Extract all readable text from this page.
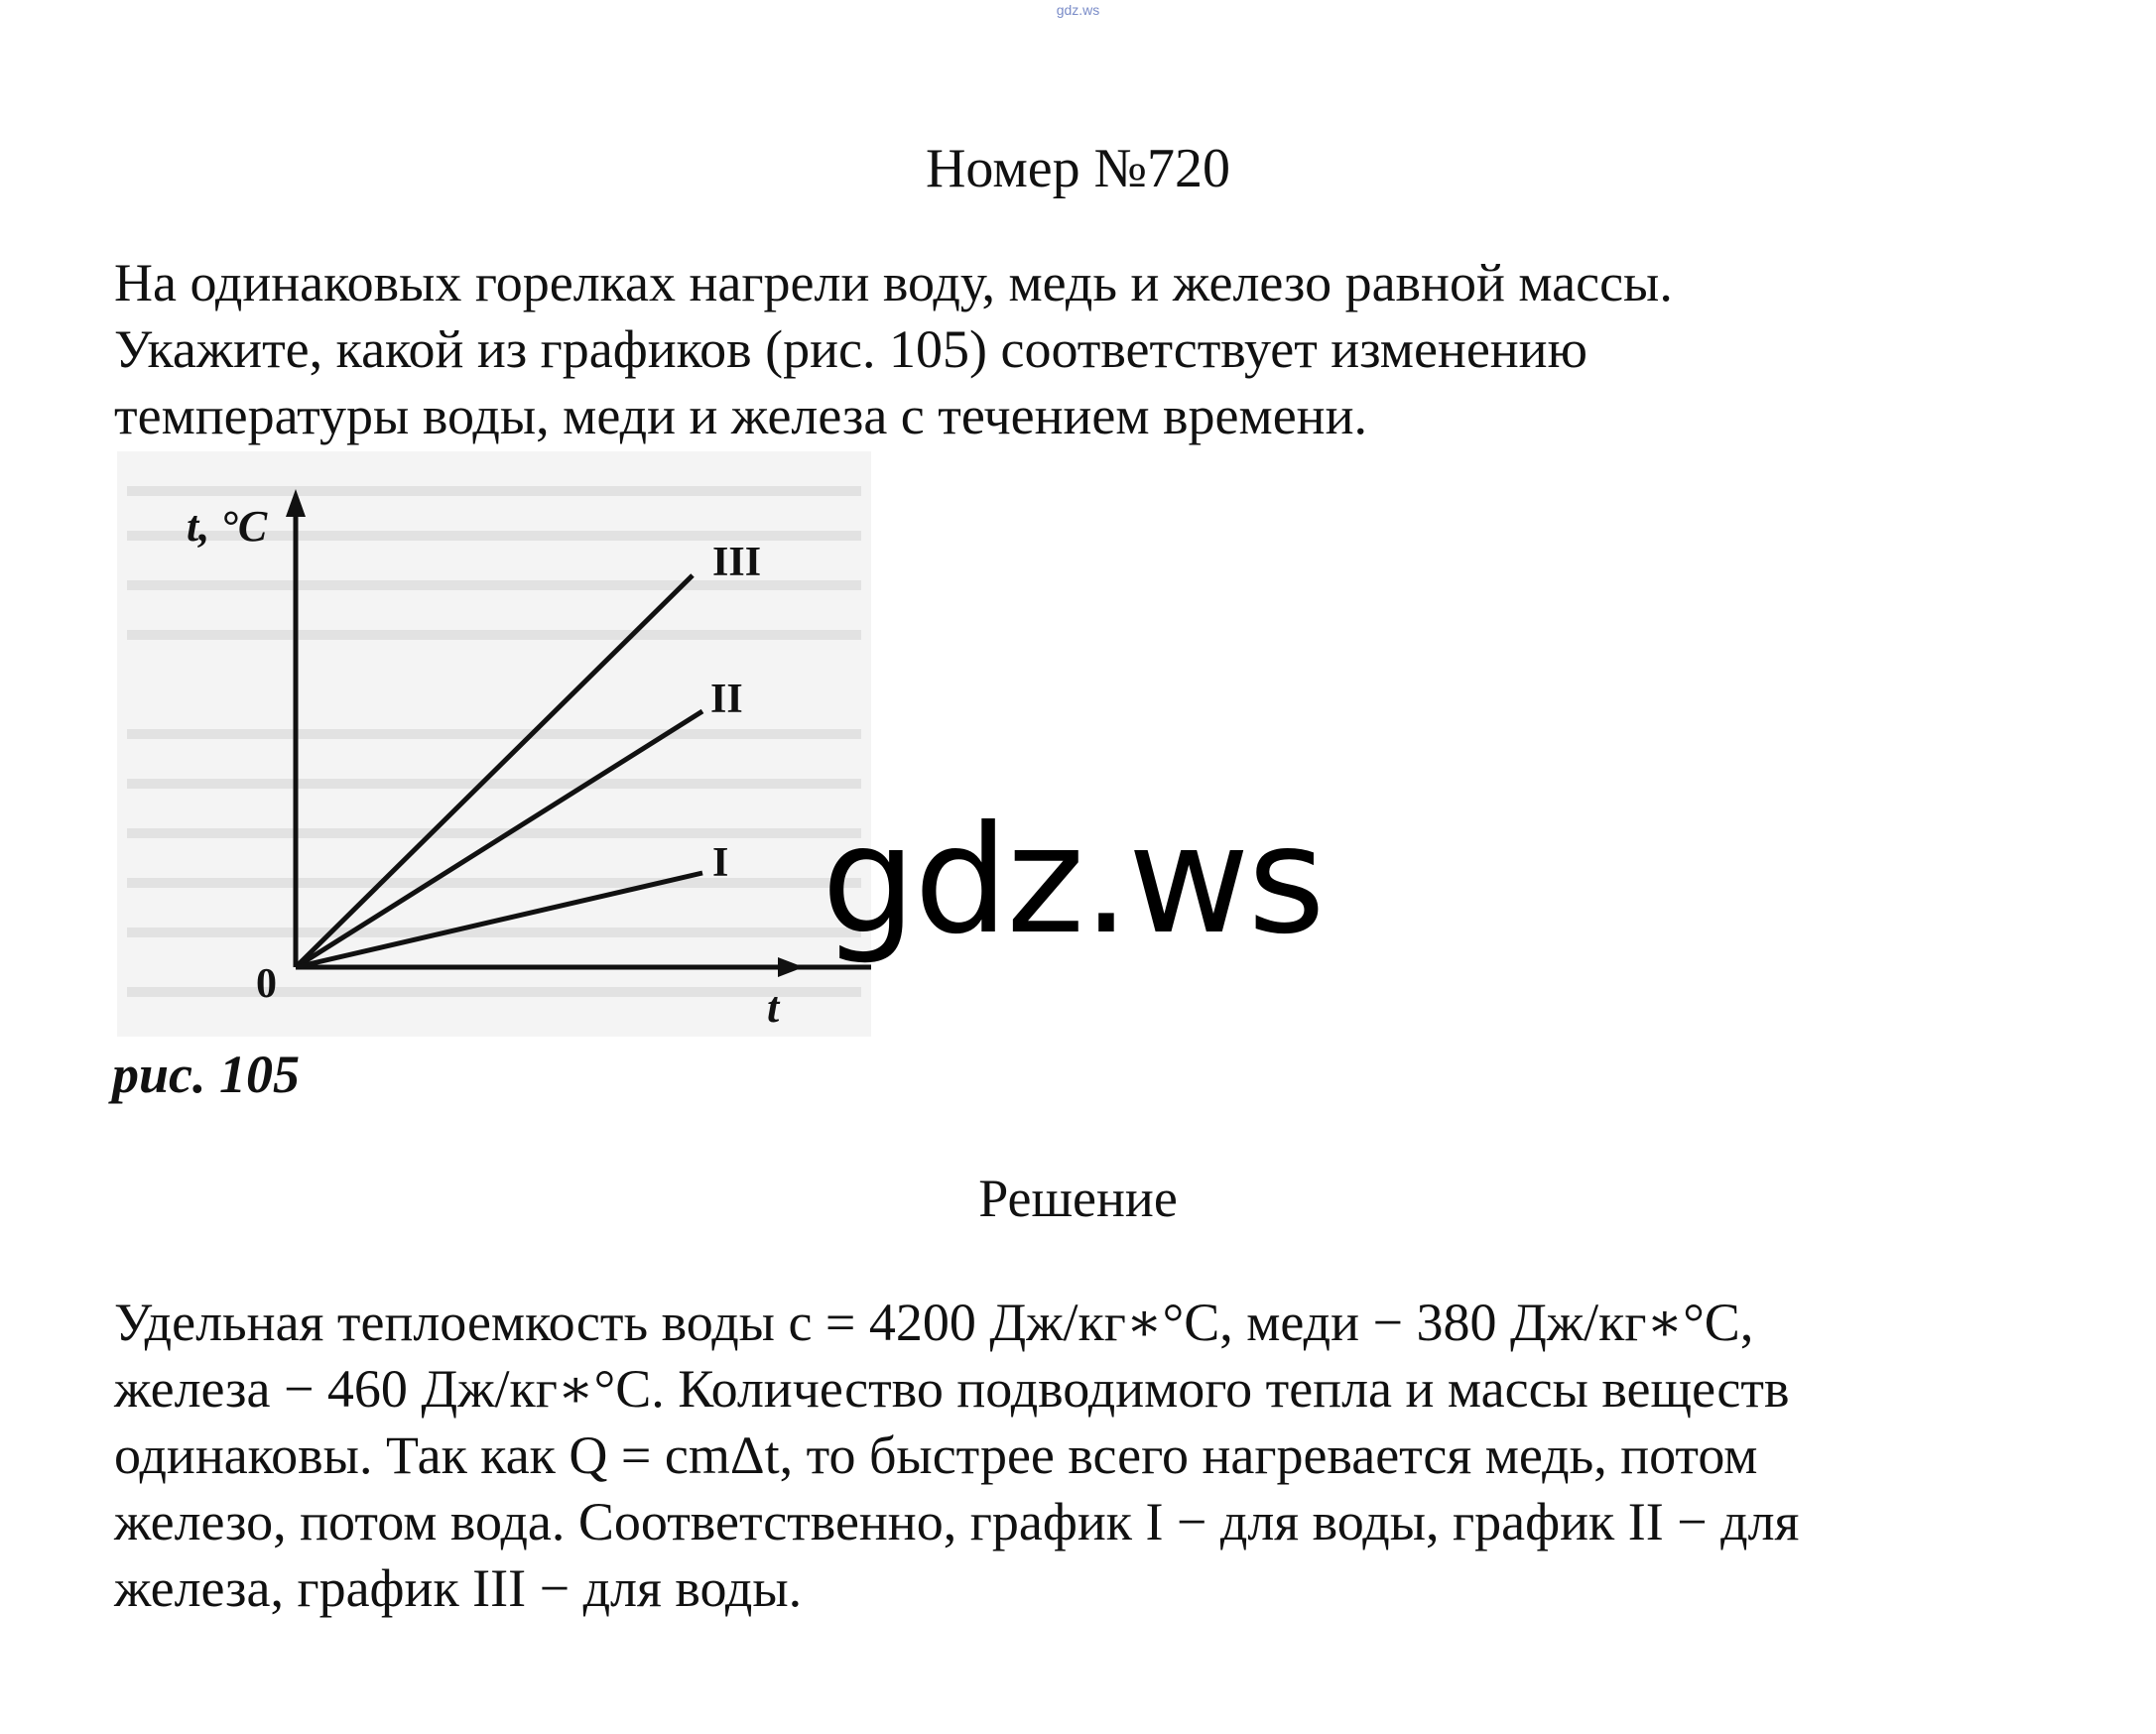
gdz.ws
Номер №720
На одинаковых горелках нагрели воду, медь и железо равной массы.
Укажите, какой из графиков (рис. 105) соответствует изменению
температуры воды, меди и железа с течением времени.
t, °C
t
0
III
II
I
рис. 105
gdz.ws
Решение
Удельная теплоемкость воды c = 4200 Дж/кг∗°С, меди − 380 Дж/кг∗°С,
железа − 460 Дж/кг∗°С. Количество подводимого тепла и массы веществ
одинаковы. Так как Q = cmΔt, то быстрее всего нагревается медь, потом
железо, потом вода. Соответственно, график I − для воды, график II − для
железа, график III − для воды.
